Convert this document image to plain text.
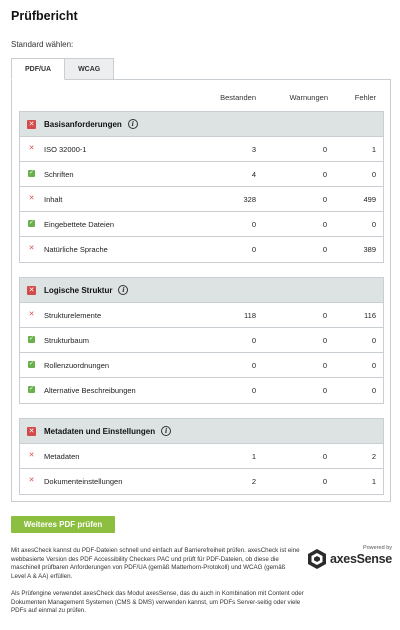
Prüfbericht
Standard wählen:
PDF/UA	WCAG
Bestanden	Warnungen	Fehler
✕ Basisanforderungen	i
✕ ISO 32000-1	3	0	1
✓ Schriften	4	0	0
✕ Inhalt	328	0	499
✓ Eingebettete Dateien	0	0	0
✕ Natürliche Sprache	0	0	389
✕ Logische Struktur	i
✕ Strukturelemente	118	0	116
✓ Strukturbaum	0	0	0
✓ Rollenzuordnungen	0	0	0
✓ Alternative Beschreibungen	0	0	0
✕ Metadaten und Einstellungen	i
✕ Metadaten	1	0	2
✕ Dokumenteinstellungen	2	0	1
Weiteres PDF prüfen

Mit axesCheck kannst du PDF-Dateien schnell und einfach auf Barrierefreiheit prüfen. axesCheck ist eine webbasierte Version des PDF Accessibility Checkers PAC und prüft für PDF-Dateien, ob diese die maschinell prüfbaren Anforderungen von PDF/UA (gemäß Matterhorn-Protokoll) und WCAG (gemäß Level A & AA) erfüllen.

Als Prüfengine verwendet axesCheck das Modul axesSense, das du auch in Kombination mit Content oder Dokumenten Management Systemen (CMS & DMS) verwenden kannst, um PDFs Server-seitig oder viele PDFs auf einmal zu prüfen.

Powered by
axesSense
